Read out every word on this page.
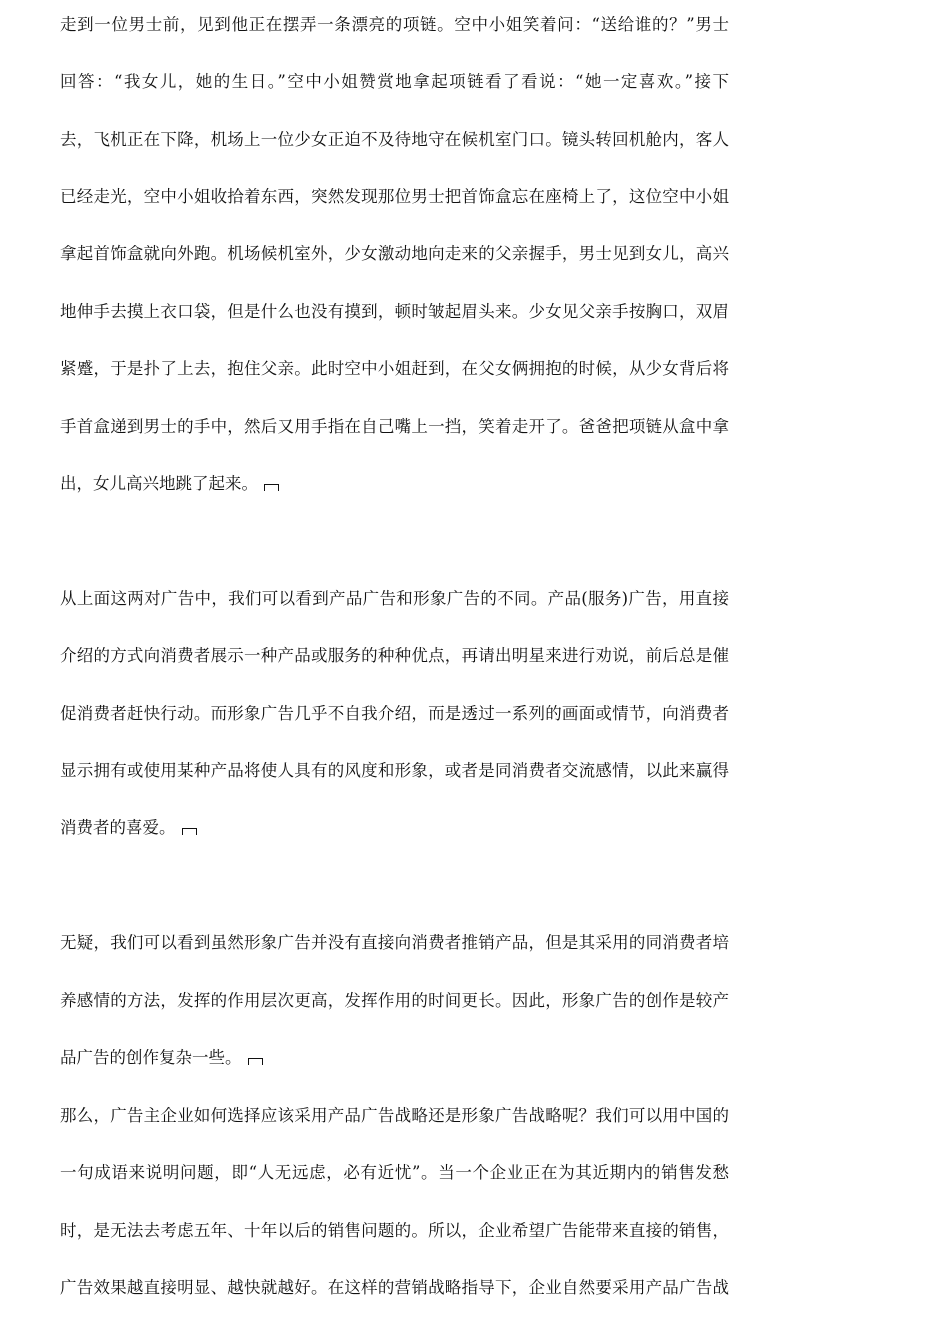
走到一位男士前，见到他正在摆弄一条漂亮的项链。空中小姐笑着问：“送给谁的？”男士
回答：“我女儿，她的生日。”空中小姐赞赏地拿起项链看了看说：“她一定喜欢。”接下
去，飞机正在下降，机场上一位少女正迫不及待地守在候机室门口。镜头转回机舱内，客人
已经走光，空中小姐收拾着东西，突然发现那位男士把首饰盒忘在座椅上了，这位空中小姐
拿起首饰盒就向外跑。机场候机室外，少女激动地向走来的父亲握手，男士见到女儿，高兴
地伸手去摸上衣口袋，但是什么也没有摸到，顿时皱起眉头来。少女见父亲手按胸口，双眉
紧蹙，于是扑了上去，抱住父亲。此时空中小姐赶到，在父女俩拥抱的时候，从少女背后将
手首盒递到男士的手中，然后又用手指在自己嘴上一挡，笑着走开了。爸爸把项链从盒中拿
出，女儿高兴地跳了起来。
从上面这两对广告中，我们可以看到产品广告和形象广告的不同。产品(服务)广告，用直接
介绍的方式向消费者展示一种产品或服务的种种优点，再请出明星来进行劝说，前后总是催
促消费者赶快行动。而形象广告几乎不自我介绍，而是透过一系列的画面或情节，向消费者
显示拥有或使用某种产品将使人具有的风度和形象，或者是同消费者交流感情，以此来赢得
消费者的喜爱。
无疑，我们可以看到虽然形象广告并没有直接向消费者推销产品，但是其采用的同消费者培
养感情的方法，发挥的作用层次更高，发挥作用的时间更长。因此，形象广告的创作是较产
品广告的创作复杂一些。
那么，广告主企业如何选择应该采用产品广告战略还是形象广告战略呢？我们可以用中国的
一句成语来说明问题，即“人无远虑，必有近忧”。当一个企业正在为其近期内的销售发愁
时，是无法去考虑五年、十年以后的销售问题的。所以，企业希望广告能带来直接的销售，
广告效果越直接明显、越快就越好。在这样的营销战略指导下，企业自然要采用产品广告战
